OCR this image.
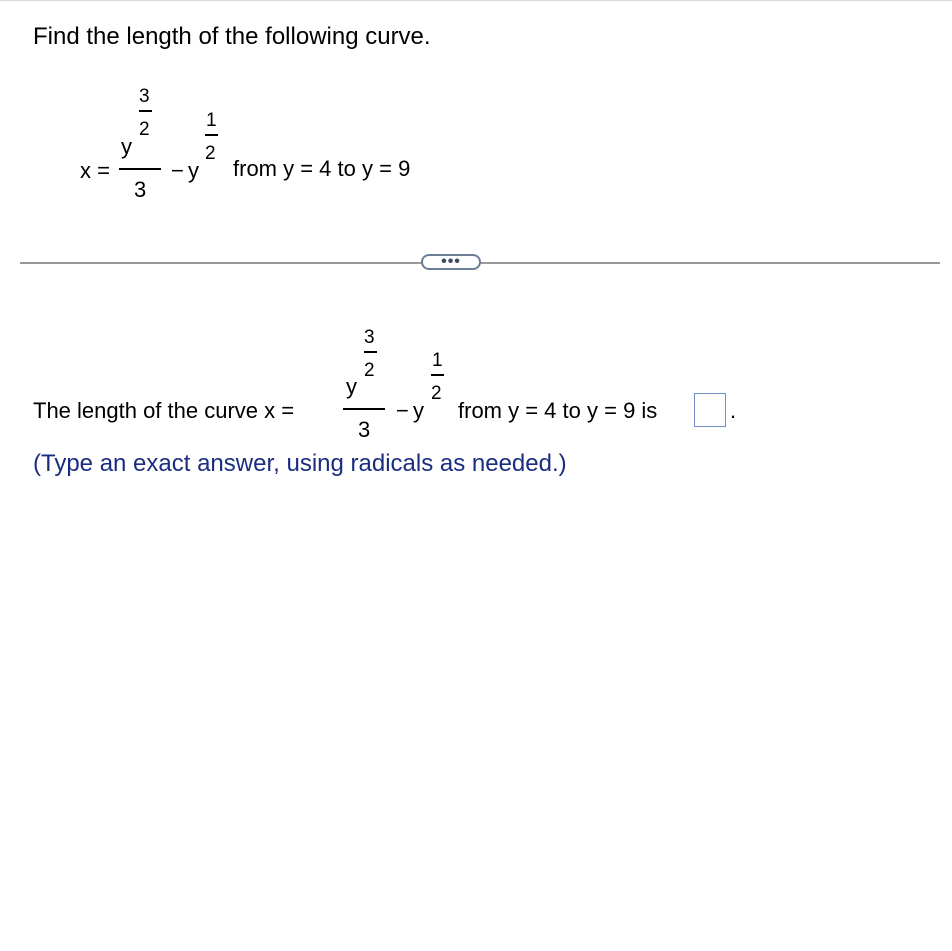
Find the length of the following curve.
x =
3
2
y
3
− y
1
2
from y = 4 to y = 9
•••
The length of the curve x =
3
2
y
3
− y
1
2
from y = 4 to y = 9 is	.
(Type an exact answer, using radicals as needed.)
